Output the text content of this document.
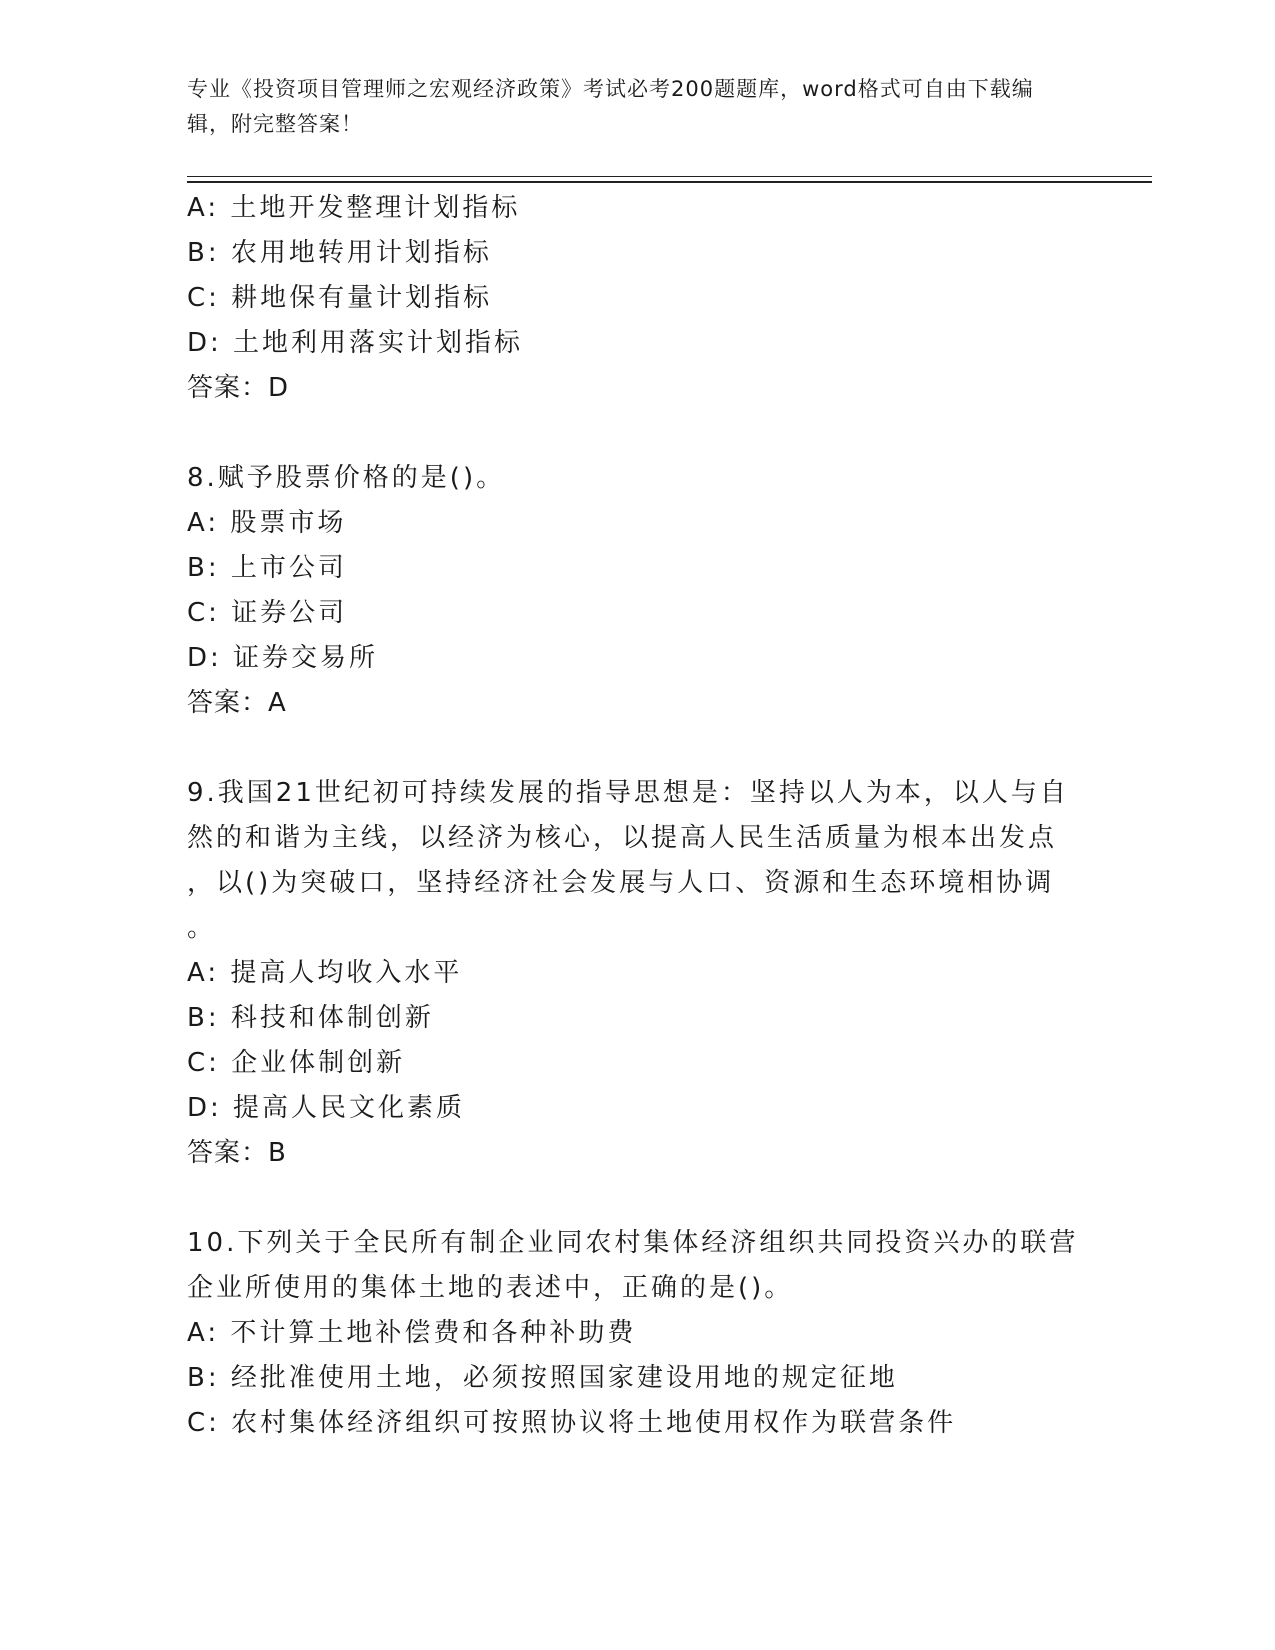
专业《投资项目管理师之宏观经济政策》考试必考200题题库，word格式可自由下载编辑，附完整答案！
A: 土地开发整理计划指标
B: 农用地转用计划指标
C: 耕地保有量计划指标
D: 土地利用落实计划指标
答案：D
8.赋予股票价格的是()。
A: 股票市场
B: 上市公司
C: 证券公司
D: 证券交易所
答案：A
9.我国21世纪初可持续发展的指导思想是：坚持以人为本，以人与自
然的和谐为主线，以经济为核心，以提高人民生活质量为根本出发点
，以()为突破口，坚持经济社会发展与人口、资源和生态环境相协调
。
A: 提高人均收入水平
B: 科技和体制创新
C: 企业体制创新
D: 提高人民文化素质
答案：B
10.下列关于全民所有制企业同农村集体经济组织共同投资兴办的联营
企业所使用的集体土地的表述中，正确的是()。
A: 不计算土地补偿费和各种补助费
B: 经批准使用土地，必须按照国家建设用地的规定征地
C: 农村集体经济组织可按照协议将土地使用权作为联营条件
